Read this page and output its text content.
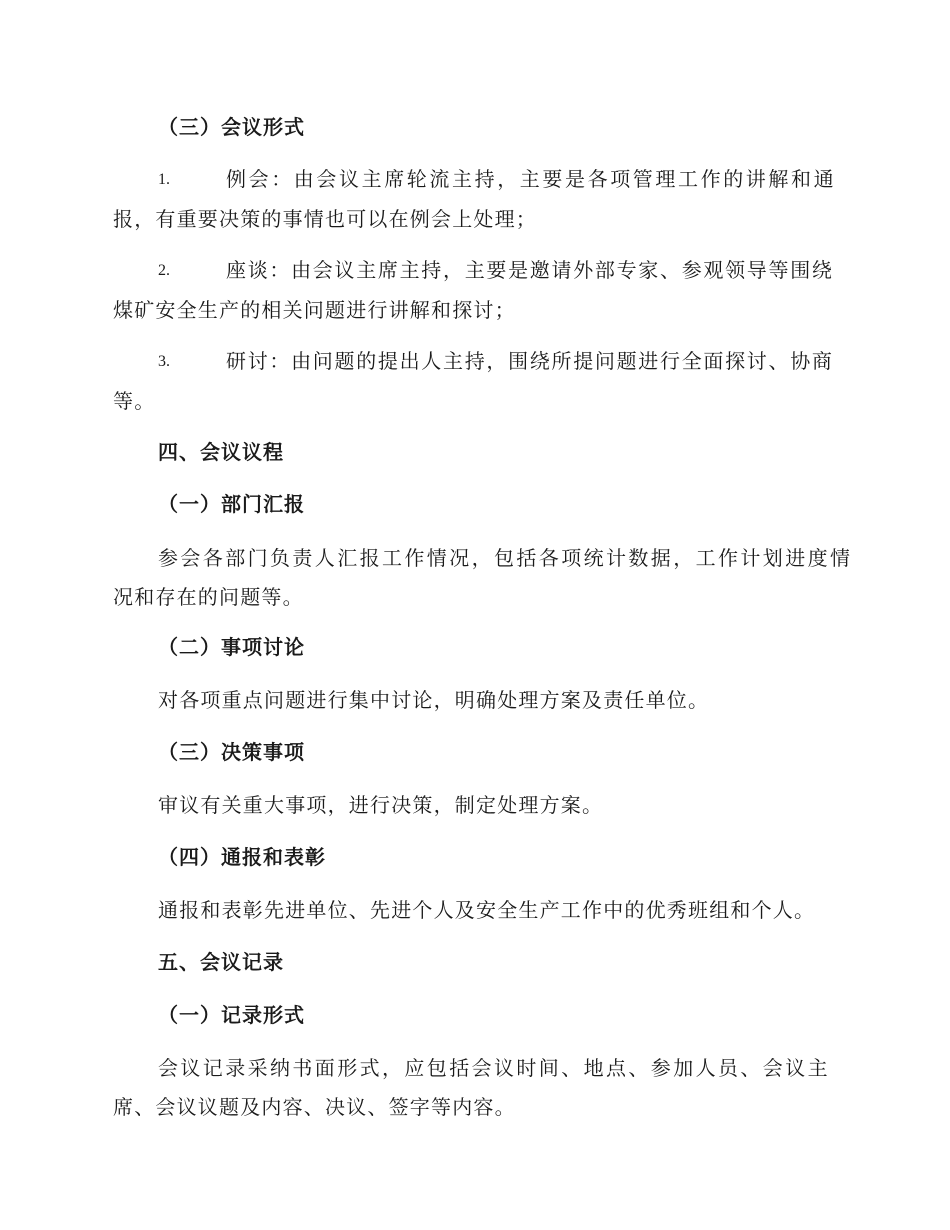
（三）会议形式
1.	例会：由会议主席轮流主持，主要是各项管理工作的讲解和通
报，有重要决策的事情也可以在例会上处理；
2.	座谈：由会议主席主持，主要是邀请外部专家、参观领导等围绕
煤矿安全生产的相关问题进行讲解和探讨；
3.	研讨：由问题的提出人主持，围绕所提问题进行全面探讨、协商
等。
四、会议议程
（一）部门汇报
参会各部门负责人汇报工作情况，包括各项统计数据，工作计划进度情
况和存在的问题等。
（二）事项讨论
对各项重点问题进行集中讨论，明确处理方案及责任单位。
（三）决策事项
审议有关重大事项，进行决策，制定处理方案。
（四）通报和表彰
通报和表彰先进单位、先进个人及安全生产工作中的优秀班组和个人。
五、会议记录
（一）记录形式
会议记录采纳书面形式，应包括会议时间、地点、参加人员、会议主
席、会议议题及内容、决议、签字等内容。
